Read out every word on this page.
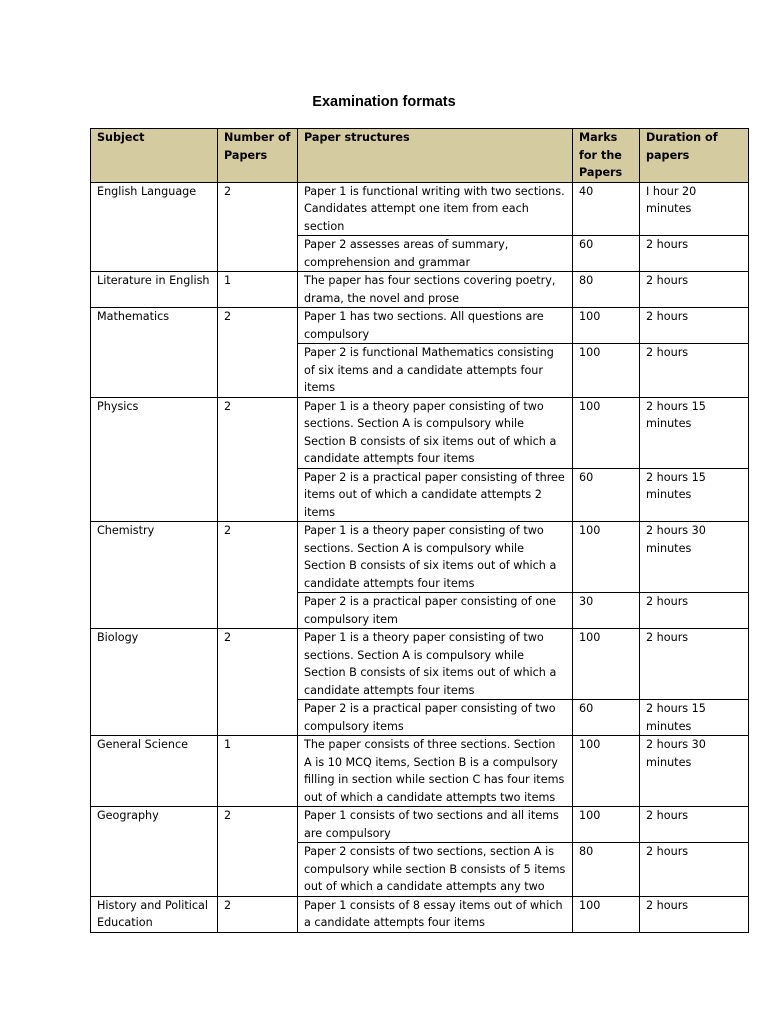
Examination formats
Subject	Number of Papers	Paper structures	Marks for the Papers	Duration of papers
English Language	2	Paper 1 is functional writing with two sections. Candidates attempt one item from each section	40	I hour 20 minutes
		Paper 2 assesses areas of summary, comprehension and grammar	60	2 hours
Literature in English	1	The paper has four sections covering poetry, drama, the novel and prose	80	2 hours
Mathematics	2	Paper 1 has two sections. All questions are compulsory	100	2 hours
		Paper 2 is functional Mathematics consisting of six items and a candidate attempts four items	100	2 hours
Physics	2	Paper 1 is a theory paper consisting of two sections. Section A is compulsory while Section B consists of six items out of which a candidate attempts four items	100	2 hours 15 minutes
		Paper 2 is a practical paper consisting of three items out of which a candidate attempts 2 items	60	2 hours 15 minutes
Chemistry	2	Paper 1 is a theory paper consisting of two sections. Section A is compulsory while Section B consists of six items out of which a candidate attempts four items	100	2 hours 30 minutes
		Paper 2 is a practical paper consisting of one compulsory item	30	2 hours
Biology	2	Paper 1 is a theory paper consisting of two sections. Section A is compulsory while Section B consists of six items out of which a candidate attempts four items	100	2 hours
		Paper 2 is a practical paper consisting of two compulsory items	60	2 hours 15 minutes
General Science	1	The paper consists of three sections. Section A is 10 MCQ items, Section B is a compulsory filling in section while section C has four items out of which a candidate attempts two items	100	2 hours 30 minutes
Geography	2	Paper 1 consists of two sections and all items are compulsory	100	2 hours
		Paper 2 consists of two sections, section A is compulsory while section B consists of 5 items out of which a candidate attempts any two	80	2 hours
History and Political Education	2	Paper 1 consists of 8 essay items out of which a candidate attempts four items	100	2 hours
